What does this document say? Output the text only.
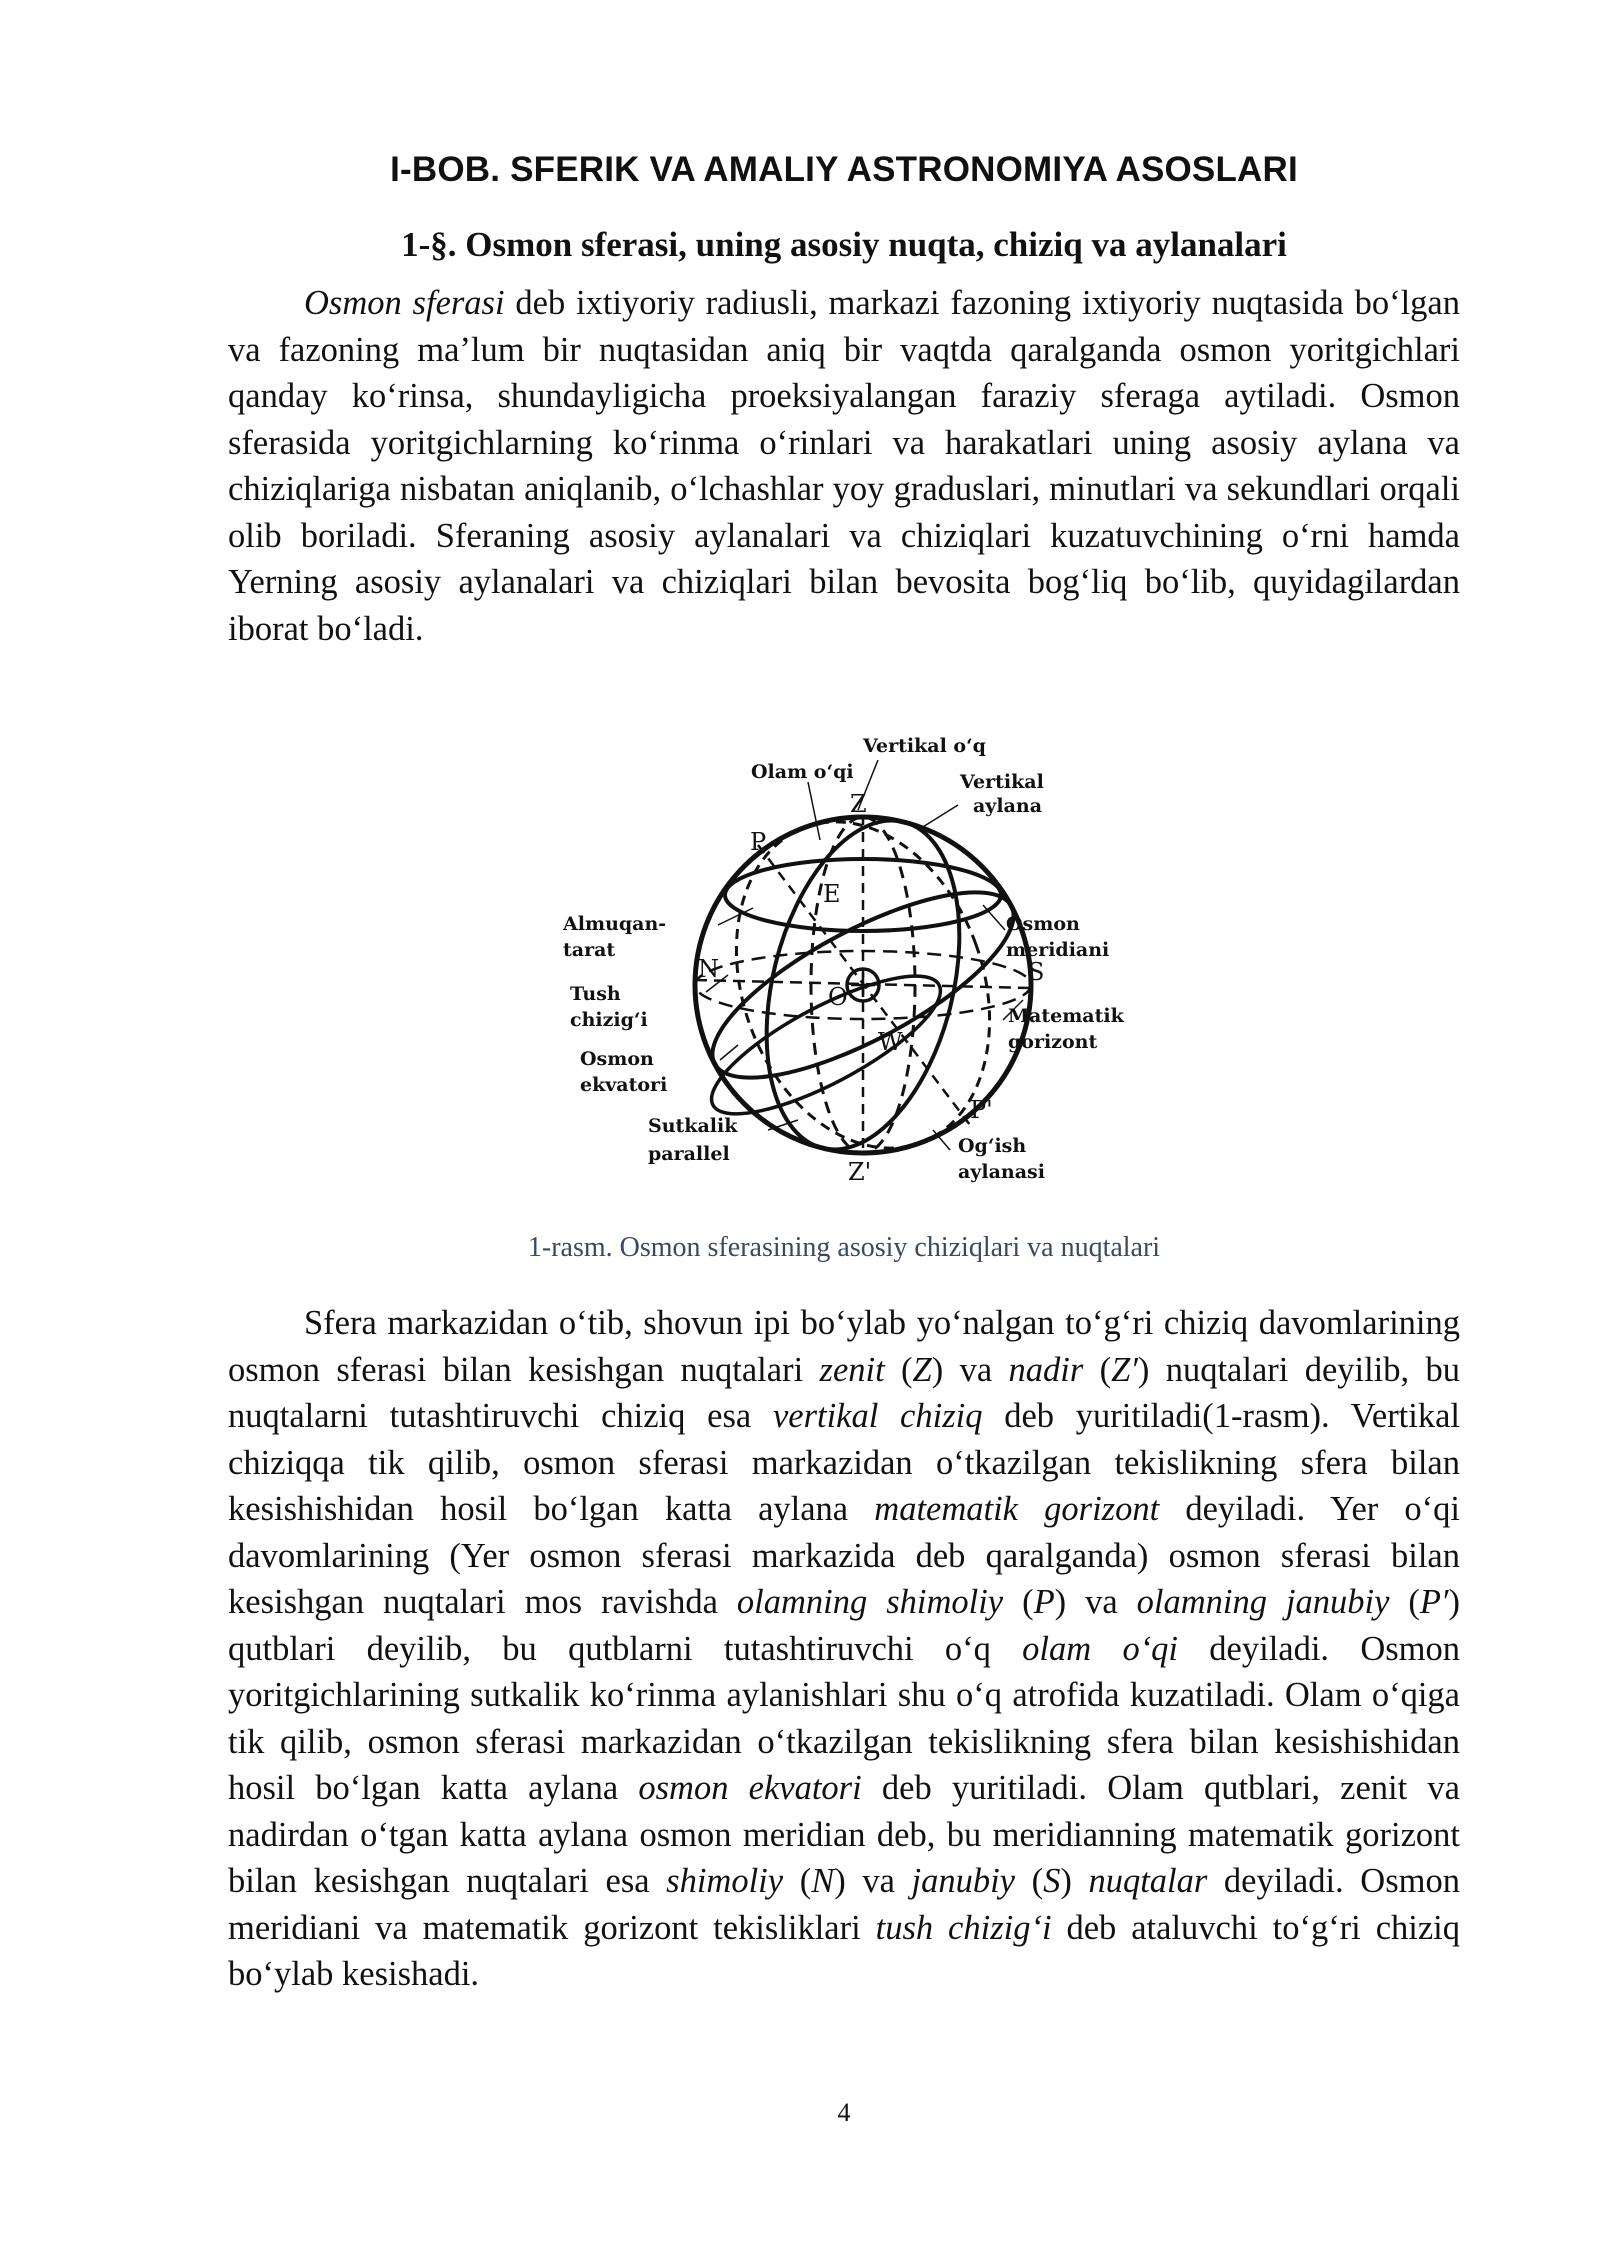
I-BOB. SFERIK VA AMALIY ASTRONOMIYA ASOSLARI
1-§. Osmon sferasi, uning asosiy nuqta, chiziq va aylanalari

Osmon sferasi deb ixtiyoriy radiusli, markazi fazoning ixtiyoriy nuqtasida boʻlgan va fazoning maʼlum bir nuqtasidan aniq bir vaqtda qaralganda osmon yoritgichlari qanday koʻrinsa, shundayligicha proeksiyalangan faraziy sferaga aytiladi. Osmon sferasida yoritgichlarning koʻrinma oʻrinlari va harakatlari uning asosiy aylana va chiziqlariga nisbatan aniqlanib, oʻlchashlar yoy graduslari, minutlari va sekundlari orqali olib boriladi. Sferaning asosiy aylanalari va chiziqlari kuzatuvchining oʻrni hamda Yerning asosiy aylanalari va chiziqlari bilan bevosita bogʻliq boʻlib, quyidagilardan iborat boʻladi.

Vertikal oʻq
Olam oʻqi	Vertikal
aylana
Almuqan-
tarat
Tush
chizigʻi
Osmon
ekvatori
Sutkalik
parallel
Osmon
meridiani
Matematik
gorizont
Ogʻish
aylanasi
Z
P
E
N	S
O
W
P'
Z'
1-rasm. Osmon sferasining asosiy chiziqlari va nuqtalari

Sfera markazidan oʻtib, shovun ipi boʻylab yoʻnalgan toʻgʻri chiziq davomlarining osmon sferasi bilan kesishgan nuqtalari zenit (Z) va nadir (Z′) nuqtalari deyilib, bu nuqtalarni tutashtiruvchi chiziq esa vertikal chiziq deb yuritiladi(1-rasm). Vertikal chiziqqa tik qilib, osmon sferasi markazidan oʻtkazilgan tekislikning sfera bilan kesishishidan hosil boʻlgan katta aylana matematik gorizont deyiladi. Yer oʻqi davomlarining (Yer osmon sferasi markazida deb qaralganda) osmon sferasi bilan kesishgan nuqtalari mos ravishda olamning shimoliy (P) va olamning janubiy (P′) qutblari deyilib, bu qutblarni tutashtiruvchi oʻq olam oʻqi deyiladi. Osmon yoritgichlarining sutkalik koʻrinma aylanishlari shu oʻq atrofida kuzatiladi. Olam oʻqiga tik qilib, osmon sferasi markazidan oʻtkazilgan tekislikning sfera bilan kesishishidan hosil boʻlgan katta aylana osmon ekvatori deb yuritiladi. Olam qutblari, zenit va nadirdan oʻtgan katta aylana osmon meridian deb, bu meridianning matematik gorizont bilan kesishgan nuqtalari esa shimoliy (N) va janubiy (S) nuqtalar deyiladi. Osmon meridiani va matematik gorizont tekisliklari tush chizigʻi deb ataluvchi toʻgʻri chiziq boʻylab kesishadi.

4
